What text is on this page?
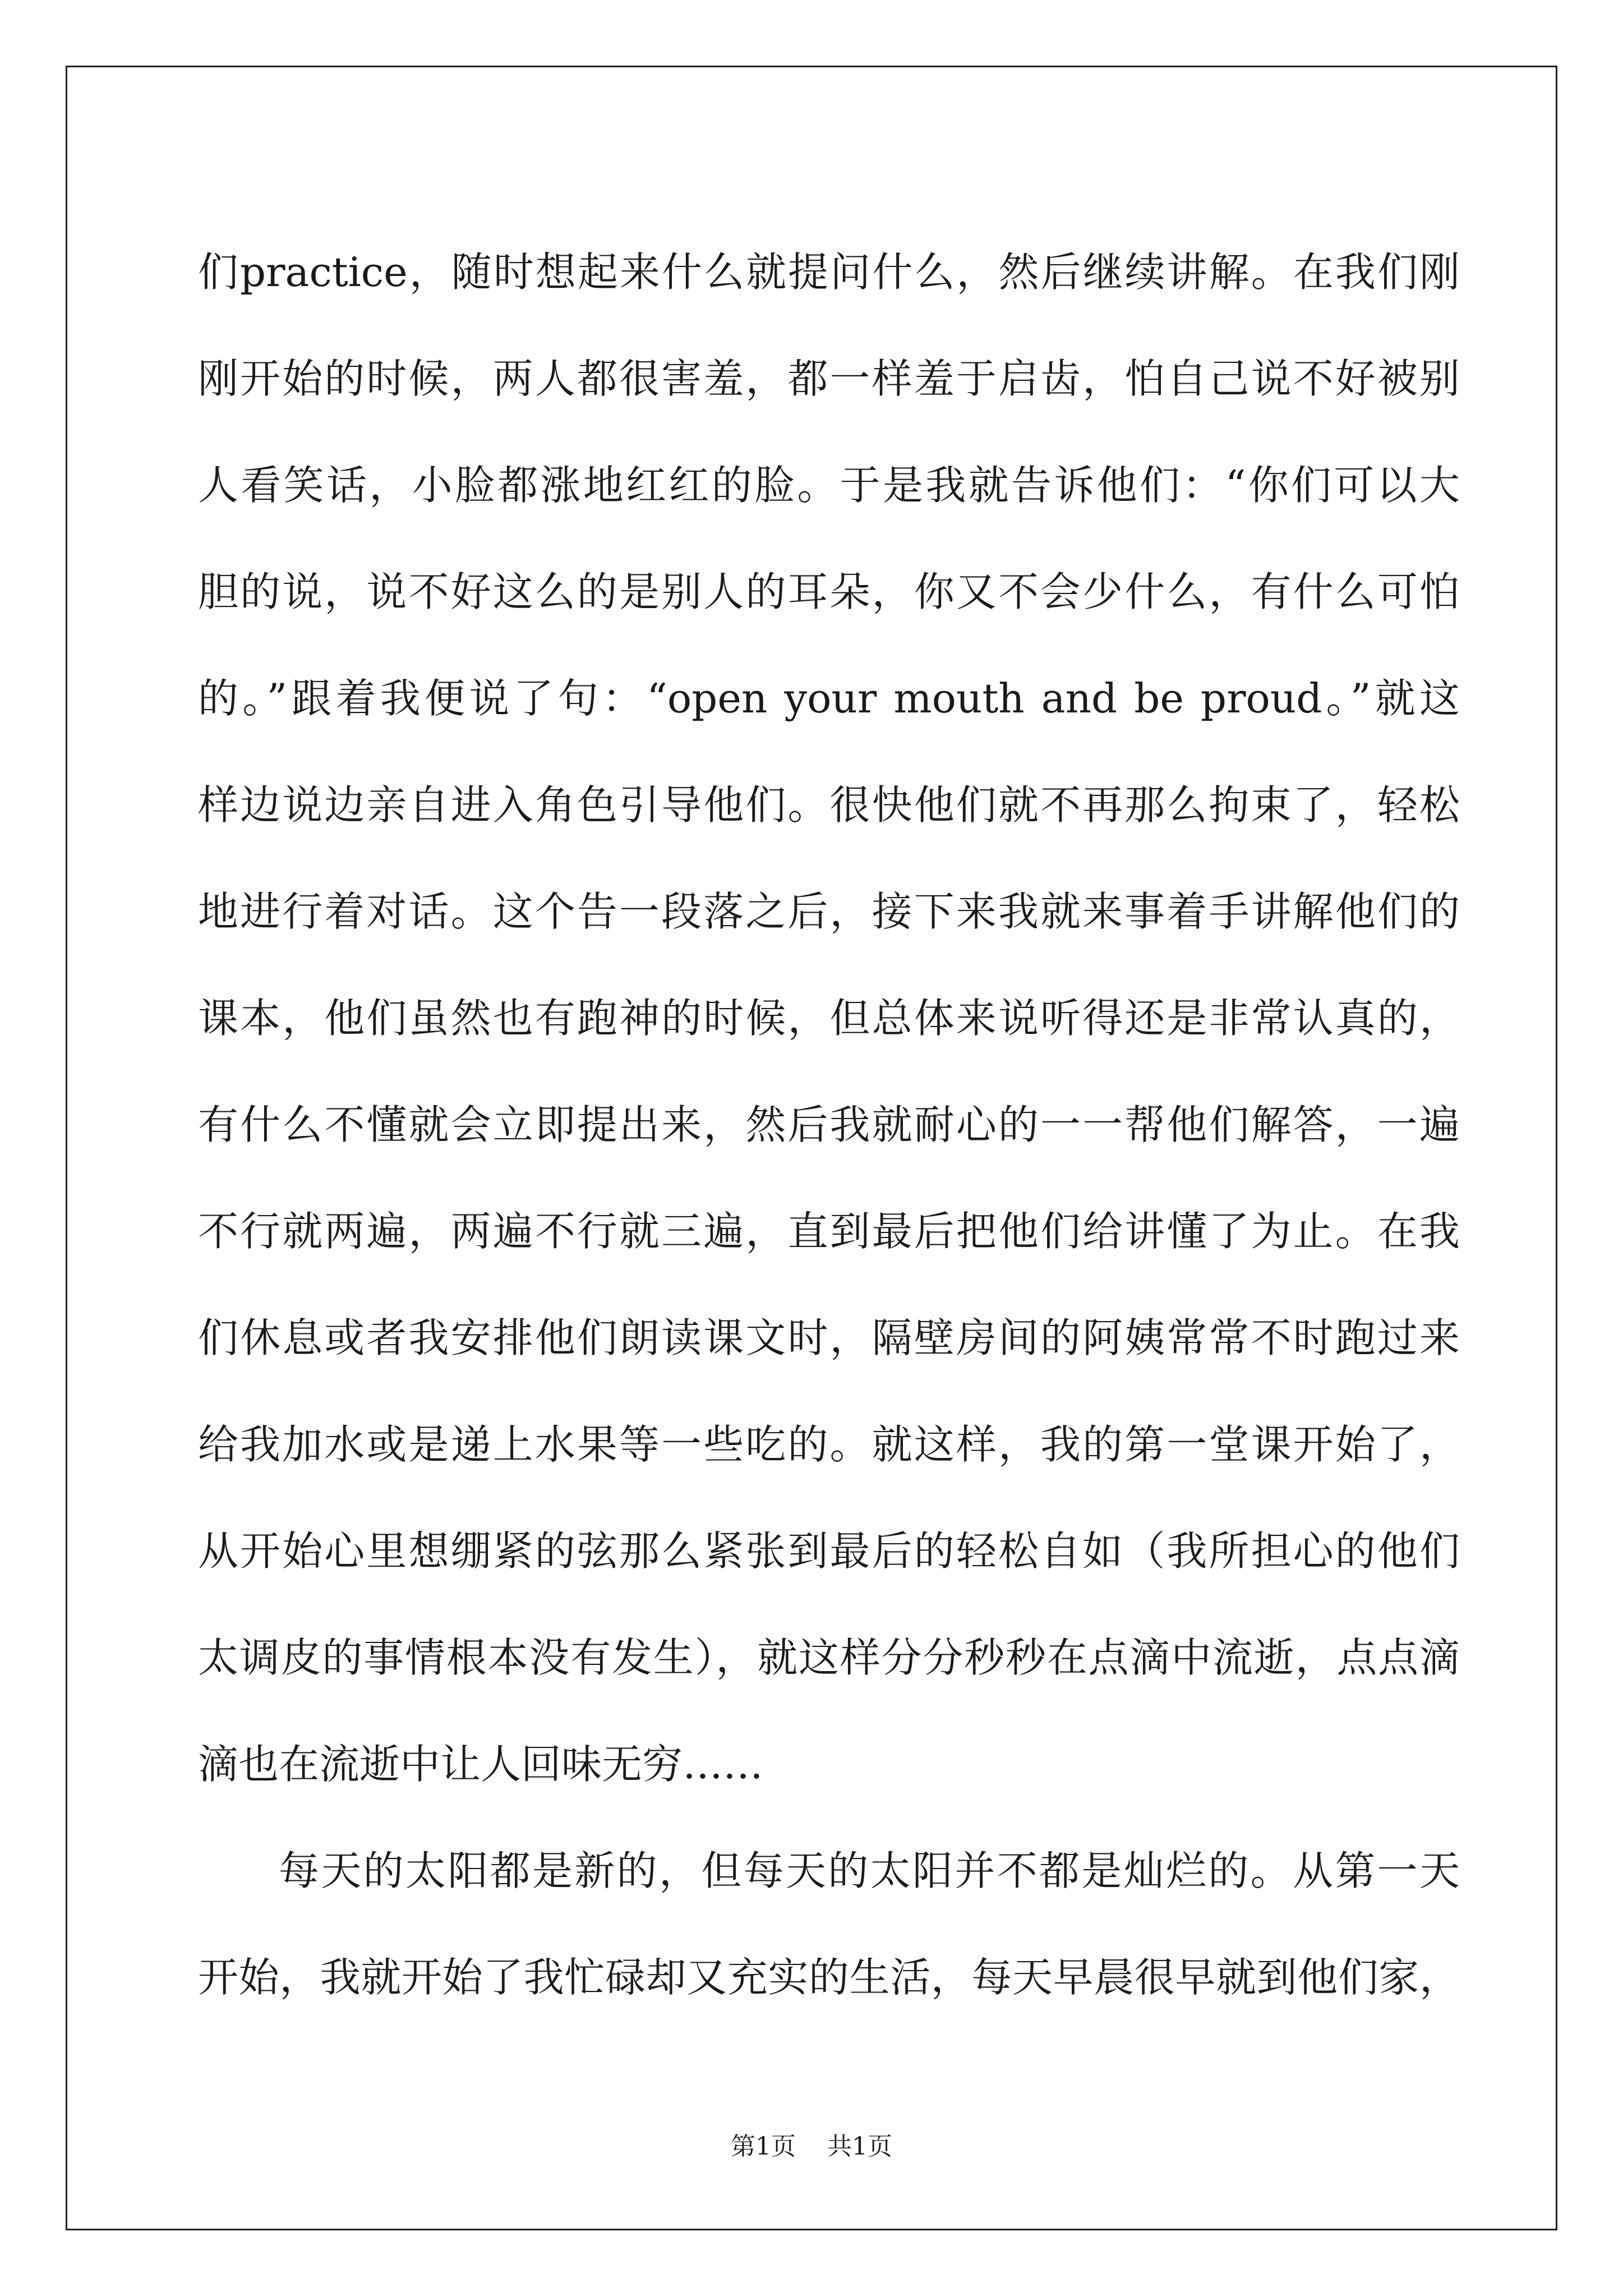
们practice，随时想起来什么就提问什么，然后继续讲解。在我们刚
刚开始的时候，两人都很害羞，都一样羞于启齿，怕自己说不好被别
人看笑话，小脸都涨地红红的脸。于是我就告诉他们：“你们可以大
胆的说，说不好这么的是别人的耳朵，你又不会少什么，有什么可怕
的。”跟着我便说了句：“open your mouth and be proud。”就这
样边说边亲自进入角色引导他们。很快他们就不再那么拘束了，轻松
地进行着对话。这个告一段落之后，接下来我就来事着手讲解他们的
课本，他们虽然也有跑神的时候，但总体来说听得还是非常认真的，
有什么不懂就会立即提出来，然后我就耐心的一一帮他们解答，一遍
不行就两遍，两遍不行就三遍，直到最后把他们给讲懂了为止。在我
们休息或者我安排他们朗读课文时，隔壁房间的阿姨常常不时跑过来
给我加水或是递上水果等一些吃的。就这样，我的第一堂课开始了，
从开始心里想绷紧的弦那么紧张到最后的轻松自如（我所担心的他们
太调皮的事情根本没有发生），就这样分分秒秒在点滴中流逝，点点滴
滴也在流逝中让人回味无穷……
每天的太阳都是新的，但每天的太阳并不都是灿烂的。从第一天
开始，我就开始了我忙碌却又充实的生活，每天早晨很早就到他们家，
第1页    共1页
